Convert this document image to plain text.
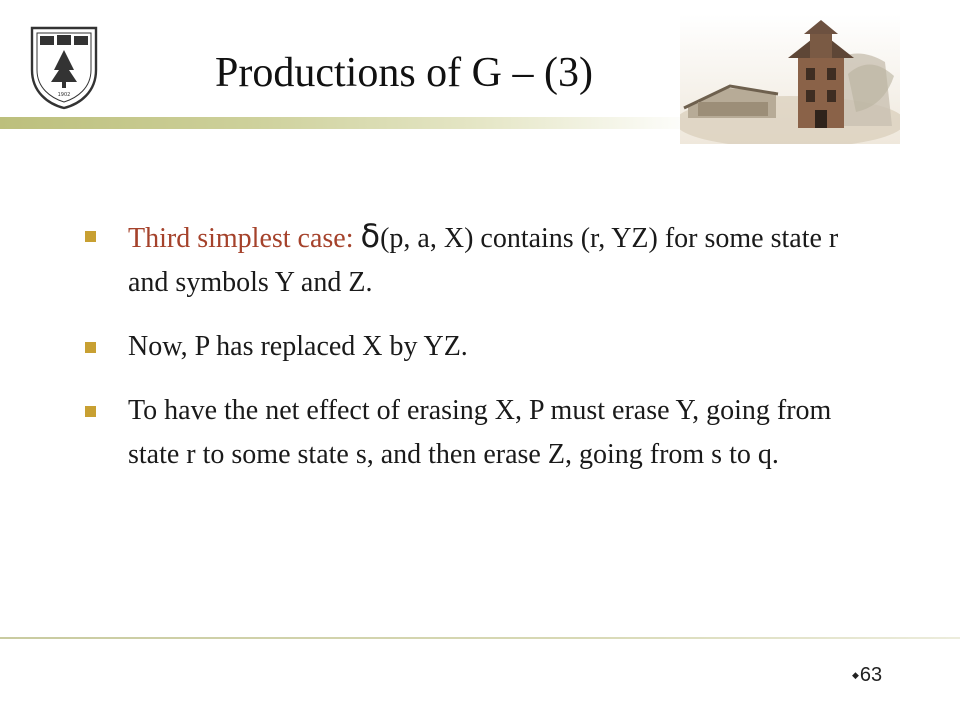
1902	Productions of G – (3)
Third simplest case: δ(p, a, X) contains (r, YZ) for some state r and symbols Y and Z.
Now, P has replaced X by YZ.
To have the net effect of erasing X, P must erase Y, going from state r to some state s, and then erase Z, going from s to q.
◆63
